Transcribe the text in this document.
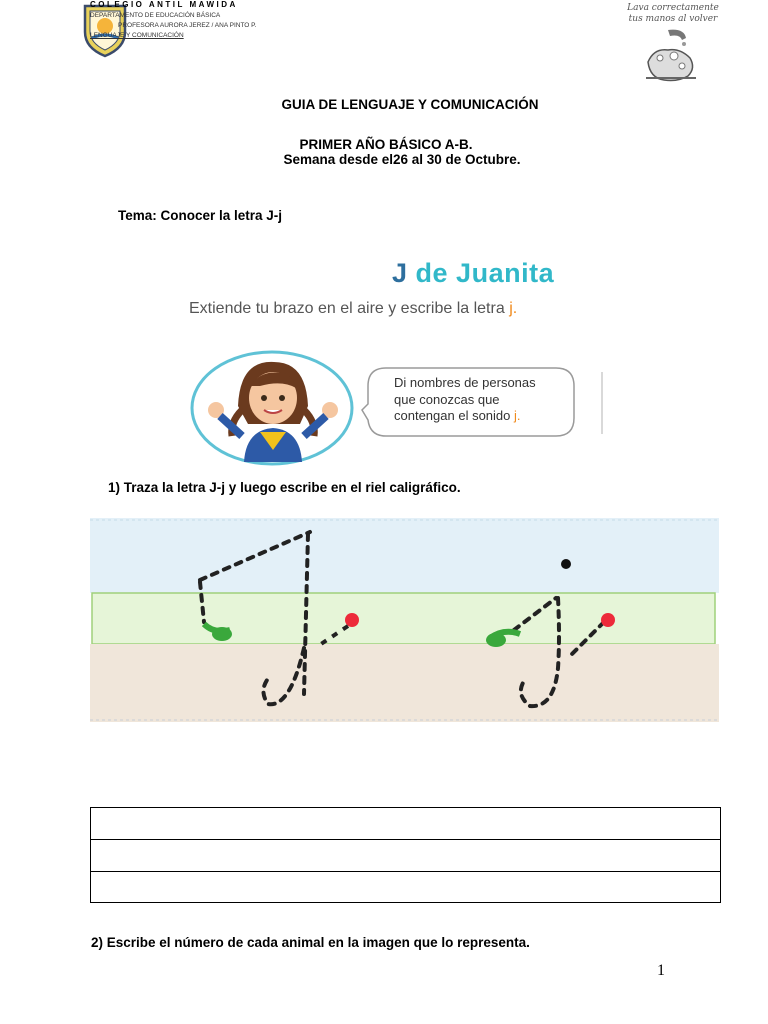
COLEGIO ANTIL MAWIDA
DEPARTAMENTO DE EDUCACIÓN BÁSICA
PROFESORA AURORA JEREZ / ANA PINTO P.
LENGUAJE Y COMUNICACIÓN
Lava correctamente
tus manos al volver
GUIA DE LENGUAJE Y COMUNICACIÓN
PRIMER AÑO BÁSICO A-B.
Semana desde el26 al 30 de Octubre.
Tema: Conocer la letra J-j
J de Juanita
Extiende tu brazo en el aire y escribe la letra j.
Di nombres de personas
que conozcas que
contengan el sonido j.
1) Traza la letra J-j y luego escribe en el riel caligráfico.
2) Escribe el número de cada animal en la imagen que lo representa.
1
